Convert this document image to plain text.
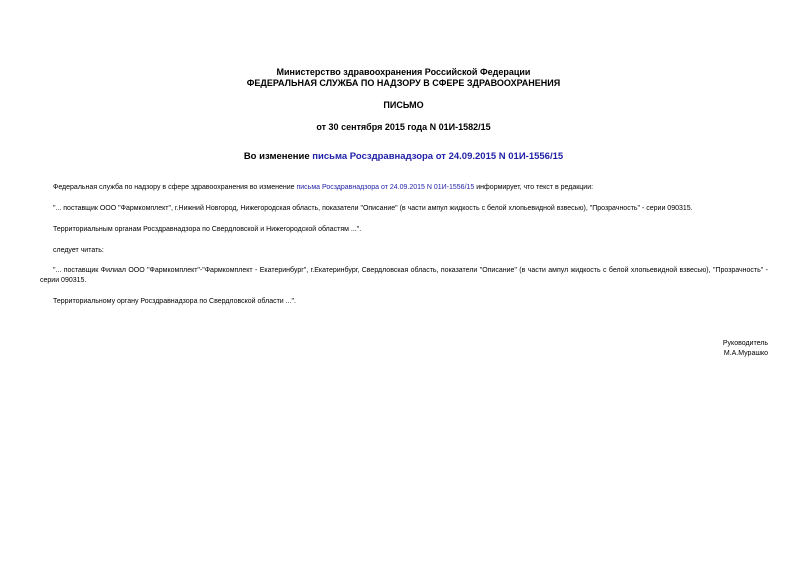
Министерство здравоохранения Российской Федерации
ФЕДЕРАЛЬНАЯ СЛУЖБА ПО НАДЗОРУ В СФЕРЕ ЗДРАВООХРАНЕНИЯ
ПИСЬМО
от 30 сентября 2015 года N 01И-1582/15
Во изменение письма Росздравнадзора от 24.09.2015 N 01И-1556/15
Федеральная служба по надзору в сфере здравоохранения во изменение письма Росздравнадзора от 24.09.2015 N 01И-1556/15 информирует, что текст в редакции:
"... поставщик ООО "Фармкомплект", г.Нижний Новгород, Нижегородская область, показатели "Описание" (в части ампул жидкость с белой хлопьевидной взвесью), "Прозрачность" - серии 090315.
Территориальным органам Росздравнадзора по Свердловской и Нижегородской областям ...".
следует читать:
"... поставщик Филиал ООО "Фармкомплект"-"Фармкомплект - Екатеринбург", г.Екатеринбург, Свердловская область, показатели "Описание" (в части ампул жидкость с белой хлопьевидной взвесью), "Прозрачность" - серии 090315.
Территориальному органу Росздравнадзора по Свердловской области ...".
Руководитель
М.А.Мурашко
